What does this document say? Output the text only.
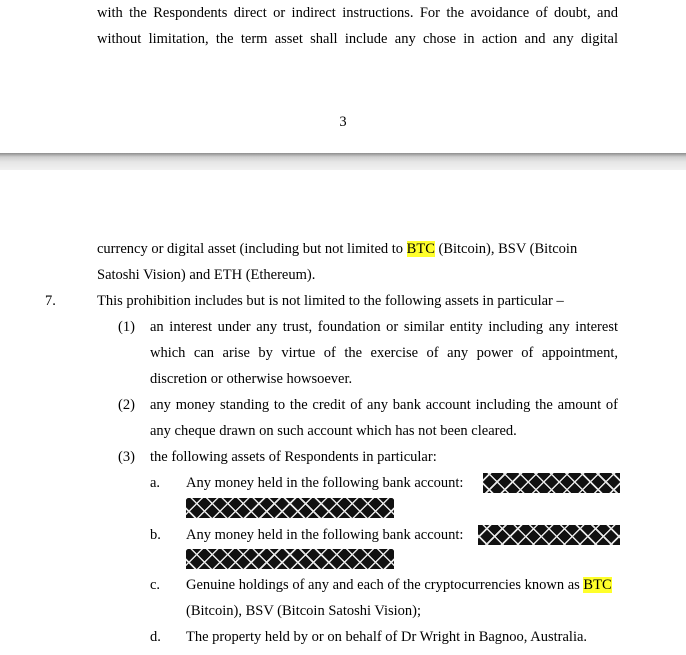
with the Respondents direct or indirect instructions. For the avoidance of doubt, and
without limitation, the term asset shall include any chose in action and any digital
3
currency or digital asset (including but not limited to BTC (Bitcoin), BSV (Bitcoin
Satoshi Vision) and ETH (Ethereum).
7.	This prohibition includes but is not limited to the following assets in particular –
(1) an interest under any trust, foundation or similar entity including any interest
which can arise by virtue of the exercise of any power of appointment,
discretion or otherwise howsoever.
(2) any money standing to the credit of any bank account including the amount of
any cheque drawn on such account which has not been cleared.
(3) the following assets of Respondents in particular:
a. Any money held in the following bank account:
b. Any money held in the following bank account:
c. Genuine holdings of any and each of the cryptocurrencies known as BTC
(Bitcoin), BSV (Bitcoin Satoshi Vision);
d. The property held by or on behalf of Dr Wright in Bagnoo, Australia.
